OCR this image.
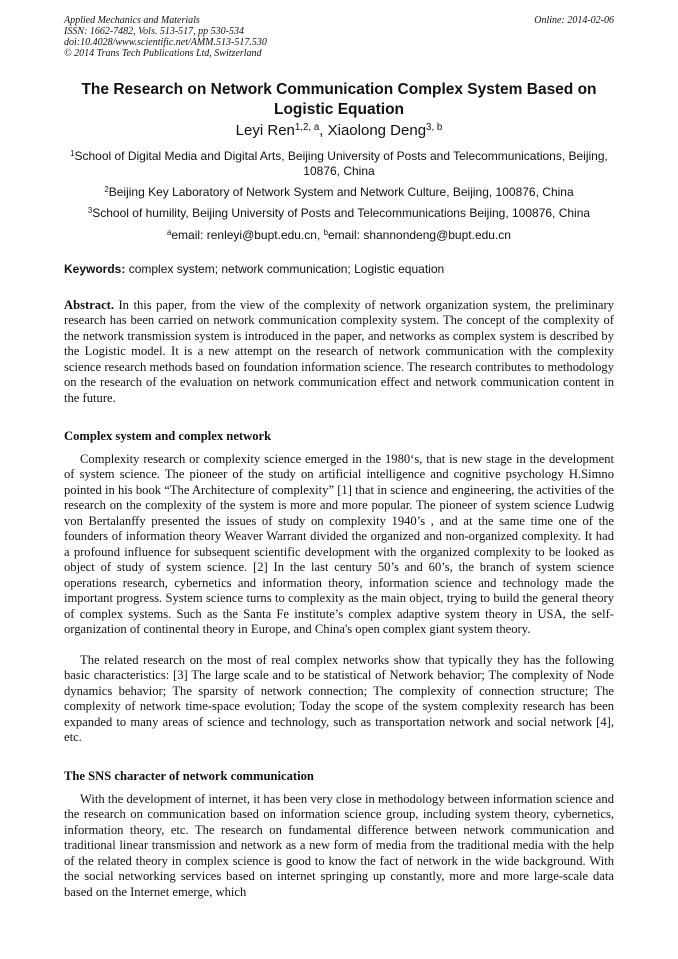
Applied Mechanics and Materials
ISSN: 1662-7482, Vols. 513-517, pp 530-534
doi:10.4028/www.scientific.net/AMM.513-517.530
© 2014 Trans Tech Publications Ltd, Switzerland
Online: 2014-02-06
The Research on Network Communication Complex System Based on Logistic Equation
Leyi Ren$^{1,2, a}$, Xiaolong Deng$^{3, b}$
$^1$School of Digital Media and Digital Arts, Beijing University of Posts and Telecommunications, Beijing, 10876, China
$^2$Beijing Key Laboratory of Network System and Network Culture, Beijing, 100876, China
$^3$School of humility, Beijing University of Posts and Telecommunications Beijing, 100876, China
$^a$email: renleyi@bupt.edu.cn, $^b$email: shannondeng@bupt.edu.cn
Keywords: complex system; network communication; Logistic equation
Abstract. In this paper, from the view of the complexity of network organization system, the preliminary research has been carried on network communication complexity system. The concept of the complexity of the network transmission system is introduced in the paper, and networks as complex system is described by the Logistic model. It is a new attempt on the research of network communication with the complexity science research methods based on foundation information science. The research contributes to methodology on the research of the evaluation on network communication effect and network communication content in the future.
Complex system and complex network
Complexity research or complexity science emerged in the 1980‘s, that is new stage in the development of system science. The pioneer of the study on artificial intelligence and cognitive psychology H.Simno pointed in his book “The Architecture of complexity” [1] that in science and engineering, the activities of the research on the complexity of the system is more and more popular. The pioneer of system science Ludwig von Bertalanffy presented the issues of study on complexity 1940’s , and at the same time one of the founders of information theory Weaver Warrant divided the organized and non-organized complexity. It had a profound influence for subsequent scientific development with the organized complexity to be looked as object of study of system science. [2] In the last century 50’s and 60’s, the branch of system science operations research, cybernetics and information theory, information science and technology made the important progress. System science turns to complexity as the main object, trying to build the general theory of complex systems. Such as the Santa Fe institute’s complex adaptive system theory in USA, the self-organization of continental theory in Europe, and China's open complex giant system theory.
The related research on the most of real complex networks show that typically they has the following basic characteristics: [3] The large scale and to be statistical of Network behavior; The complexity of Node dynamics behavior; The sparsity of network connection; The complexity of connection structure; The complexity of network time-space evolution; Today the scope of the system complexity research has been expanded to many areas of science and technology, such as transportation network and social network [4], etc.
The SNS character of network communication
With the development of internet, it has been very close in methodology between information science and the research on communication based on information science group, including system theory, cybernetics, information theory, etc. The research on fundamental difference between network communication and traditional linear transmission and network as a new form of media from the traditional media with the help of the related theory in complex science is good to know the fact of network in the wide background. With the social networking services based on internet springing up constantly, more and more large-scale data based on the Internet emerge, which
